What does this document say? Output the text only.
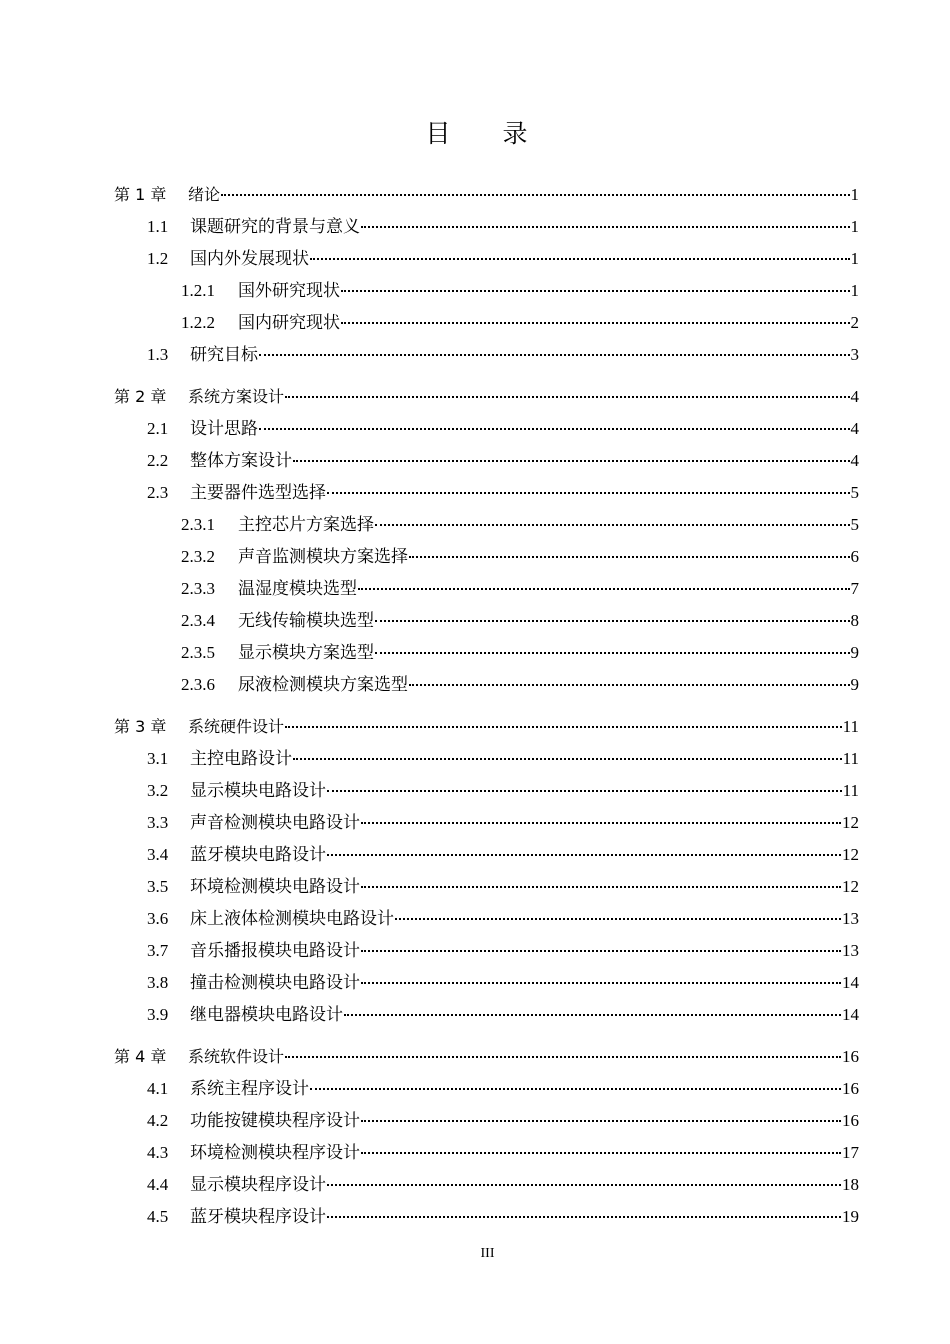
目 录
第 1 章	绪论	1
1.1	课题研究的背景与意义	1
1.2	国内外发展现状	1
1.2.1	国外研究现状	1
1.2.2	国内研究现状	2
1.3	研究目标	3
第 2 章	系统方案设计	4
2.1	设计思路	4
2.2	整体方案设计	4
2.3	主要器件选型选择	5
2.3.1	主控芯片方案选择	5
2.3.2	声音监测模块方案选择	6
2.3.3	温湿度模块选型	7
2.3.4	无线传输模块选型	8
2.3.5	显示模块方案选型	9
2.3.6	尿液检测模块方案选型	9
第 3 章	系统硬件设计	11
3.1	主控电路设计	11
3.2	显示模块电路设计	11
3.3	声音检测模块电路设计	12
3.4	蓝牙模块电路设计	12
3.5	环境检测模块电路设计	12
3.6	床上液体检测模块电路设计	13
3.7	音乐播报模块电路设计	13
3.8	撞击检测模块电路设计	14
3.9	继电器模块电路设计	14
第 4 章	系统软件设计	16
4.1	系统主程序设计	16
4.2	功能按键模块程序设计	16
4.3	环境检测模块程序设计	17
4.4	显示模块程序设计	18
4.5	蓝牙模块程序设计	19
III
